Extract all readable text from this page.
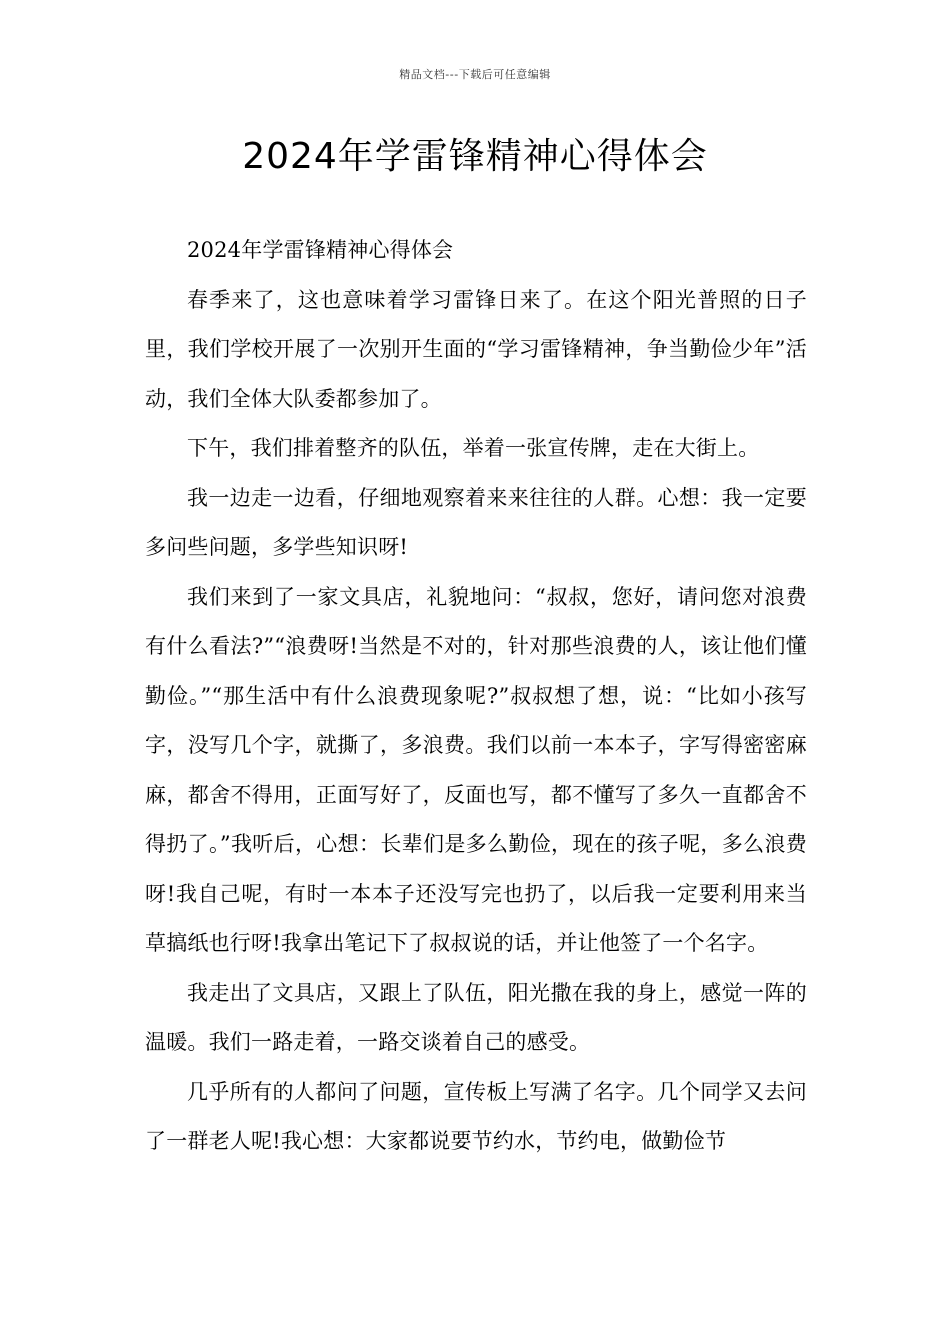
精品文档---下载后可任意编辑
2024年学雷锋精神心得体会

2024年学雷锋精神心得体会

春季来了，这也意味着学习雷锋日来了。在这个阳光普照的日子里，我们学校开展了一次别开生面的“学习雷锋精神，争当勤俭少年”活动，我们全体大队委都参加了。

下午，我们排着整齐的队伍，举着一张宣传牌，走在大街上。

我一边走一边看，仔细地观察着来来往往的人群。心想：我一定要多问些问题，多学些知识呀!

我们来到了一家文具店，礼貌地问：“叔叔，您好，请问您对浪费有什么看法?”“浪费呀!当然是不对的，针对那些浪费的人，该让他们懂勤俭。”“那生活中有什么浪费现象呢?”叔叔想了想，说：“比如小孩写字，没写几个字，就撕了，多浪费。我们以前一本本子，字写得密密麻麻，都舍不得用，正面写好了，反面也写，都不懂写了多久一直都舍不得扔了。”我听后，心想：长辈们是多么勤俭，现在的孩子呢，多么浪费呀!我自己呢，有时一本本子还没写完也扔了，以后我一定要利用来当草搞纸也行呀!我拿出笔记下了叔叔说的话，并让他签了一个名字。

我走出了文具店，又跟上了队伍，阳光撒在我的身上，感觉一阵的温暖。我们一路走着，一路交谈着自己的感受。

几乎所有的人都问了问题，宣传板上写满了名字。几个同学又去问了一群老人呢!我心想：大家都说要节约水，节约电，做勤俭节
